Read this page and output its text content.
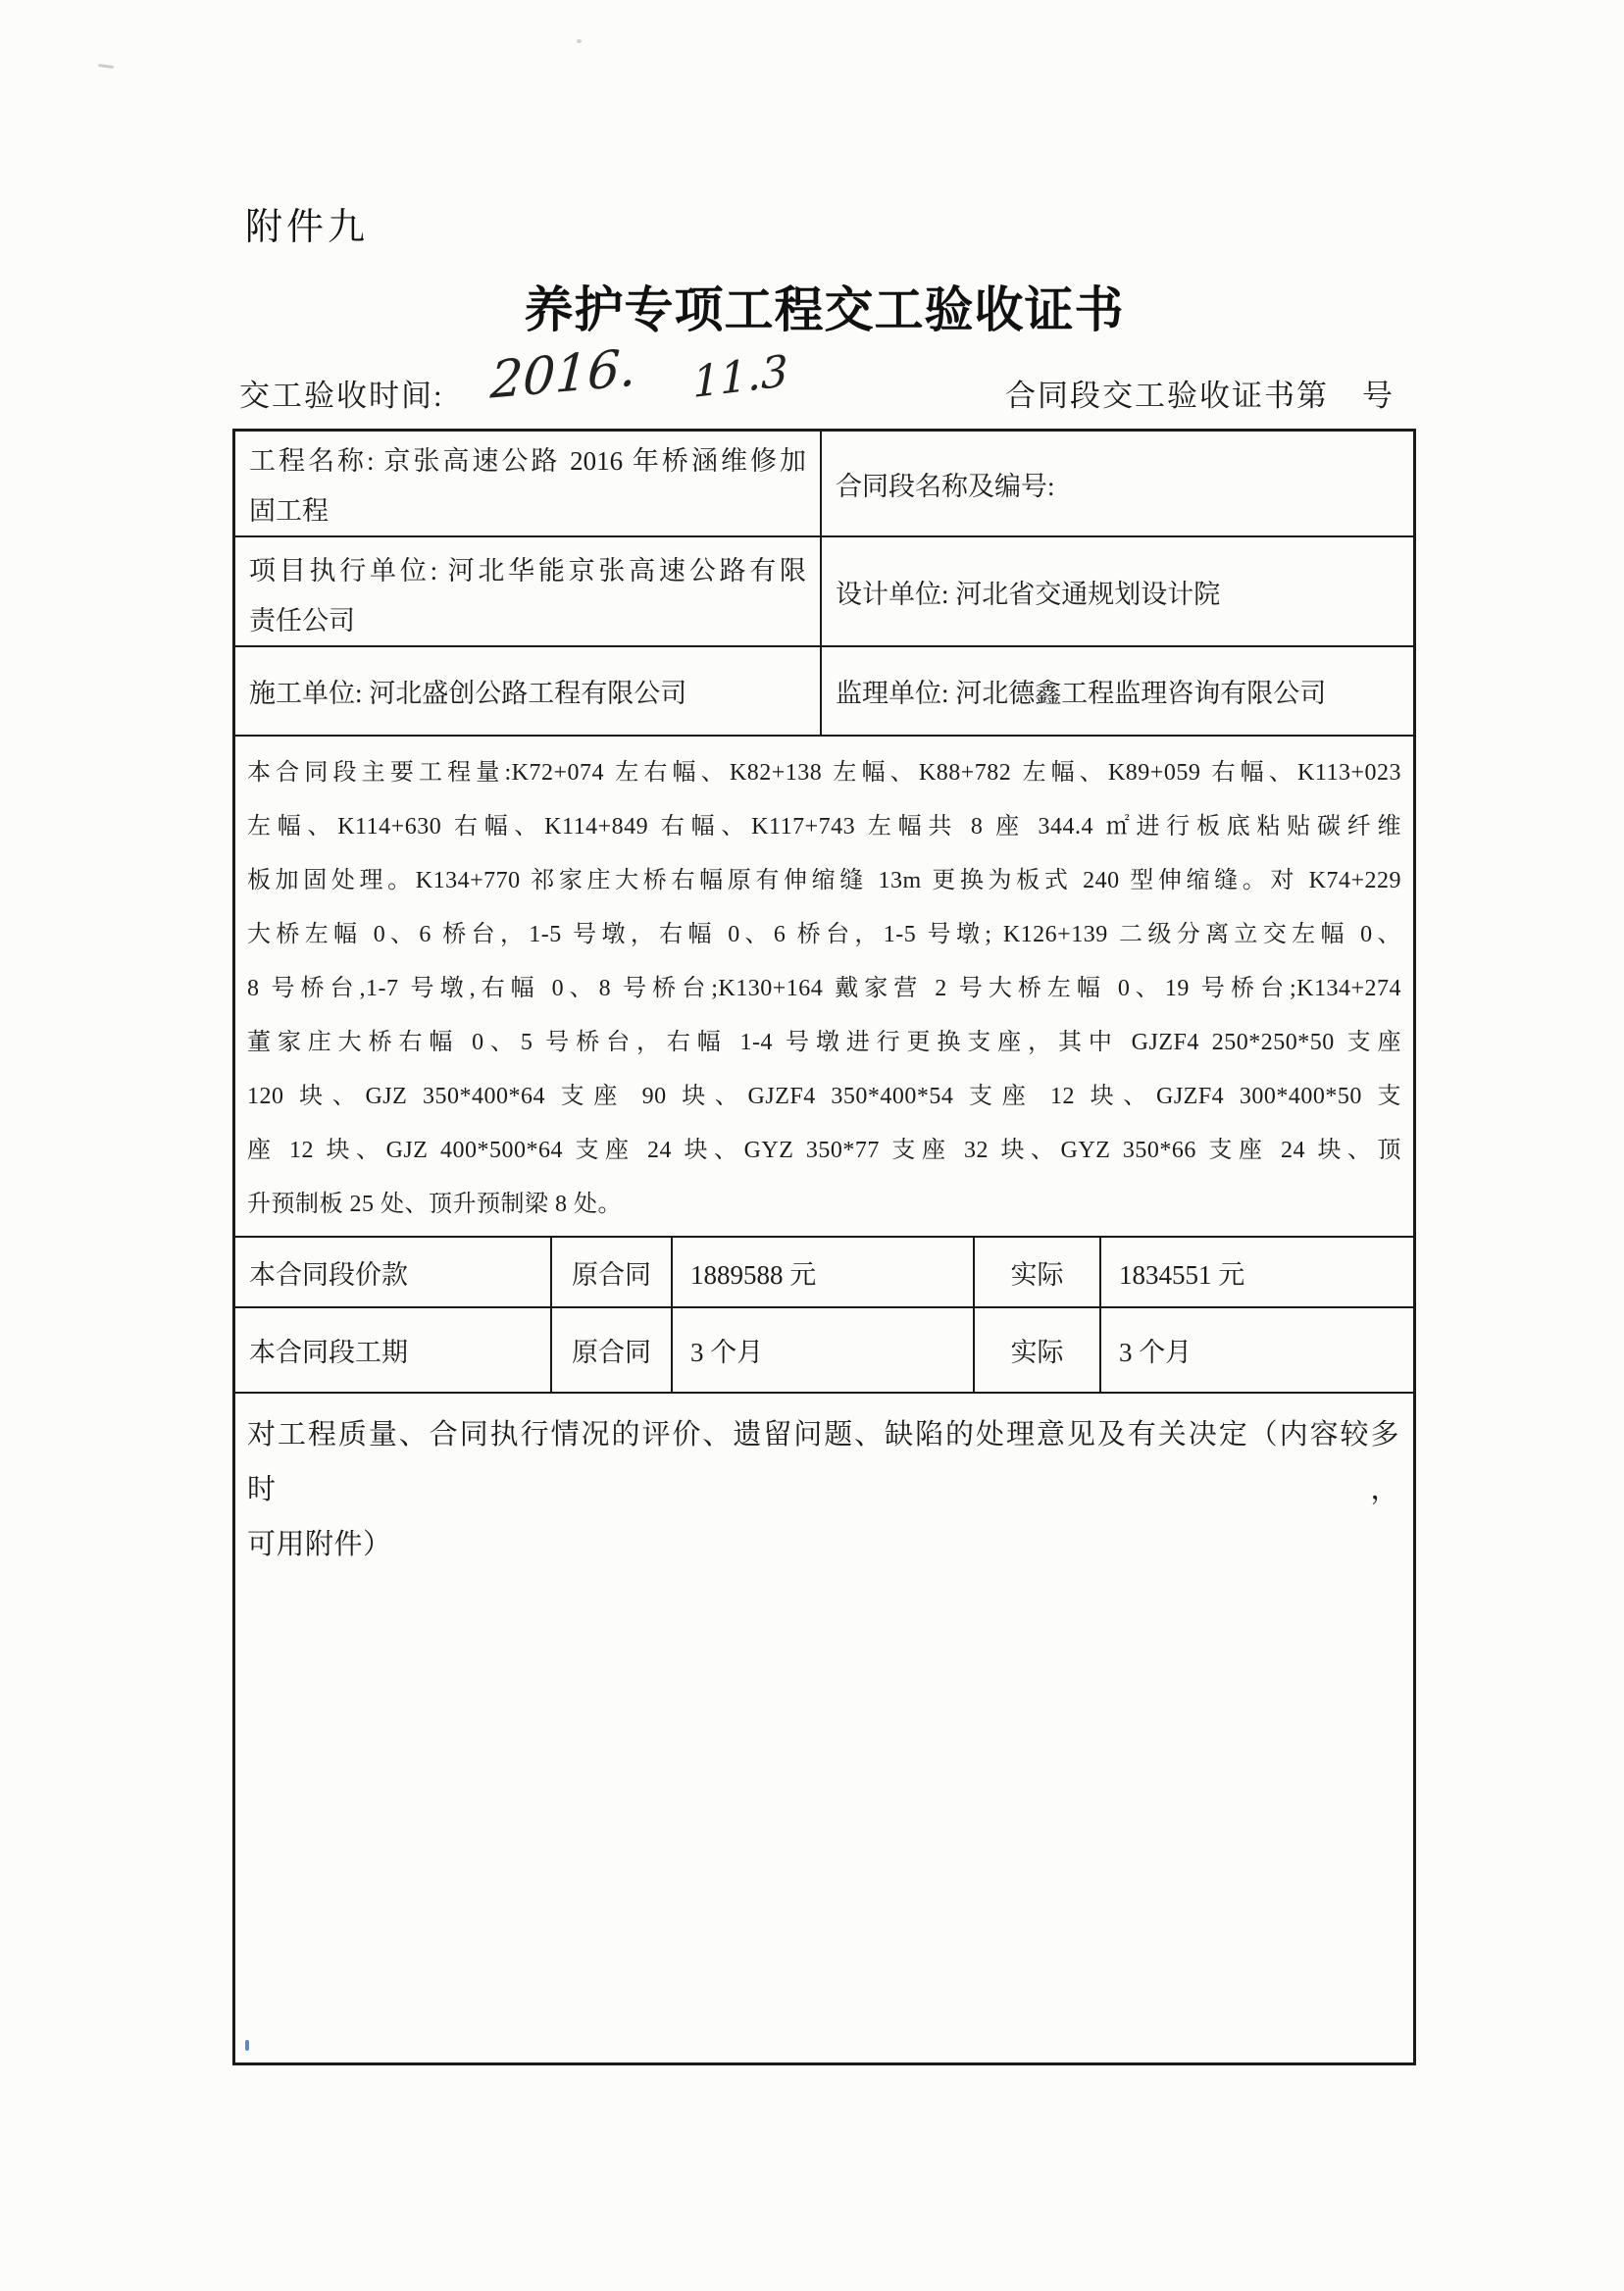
附件九
养护专项工程交工验收证书
交工验收时间:	合同段交工验收证书第 号
2016. 11.3
工程名称: 京张高速公路 2016 年桥涵维修加
固工程
合同段名称及编号:
项目执行单位: 河北华能京张高速公路有限
责任公司
设计单位: 河北省交通规划设计院
施工单位: 河北盛创公路工程有限公司	监理单位: 河北德鑫工程监理咨询有限公司
本合同段主要工程量:K72+074 左右幅、K82+138 左幅、K88+782 左幅、K89+059 右幅、K113+023
左幅、K114+630 右幅、K114+849 右幅、K117+743 左幅共 8 座 344.4 ㎡进行板底粘贴碳纤维
板加固处理。K134+770 祁家庄大桥右幅原有伸缩缝 13m 更换为板式 240 型伸缩缝。对 K74+229
大桥左幅 0、6 桥台，1-5 号墩，右幅 0、6 桥台，1-5 号墩; K126+139 二级分离立交左幅 0、
8 号桥台,1-7 号墩,右幅 0、8 号桥台;K130+164 戴家营 2 号大桥左幅 0、19 号桥台;K134+274
董家庄大桥右幅 0、5 号桥台，右幅 1-4 号墩进行更换支座，其中 GJZF4 250*250*50 支座
120 块、GJZ 350*400*64 支座 90 块、GJZF4 350*400*54 支座 12 块、GJZF4 300*400*50 支
座 12 块、GJZ 400*500*64 支座 24 块、GYZ 350*77 支座 32 块、GYZ 350*66 支座 24 块、顶
升预制板 25 处、顶升预制梁 8 处。
本合同段价款	原合同 1889588 元	实际 1834551 元
本合同段工期	原合同 3 个月	实际 3 个月
对工程质量、合同执行情况的评价、遗留问题、缺陷的处理意见及有关决定（内容较多时，
可用附件）
